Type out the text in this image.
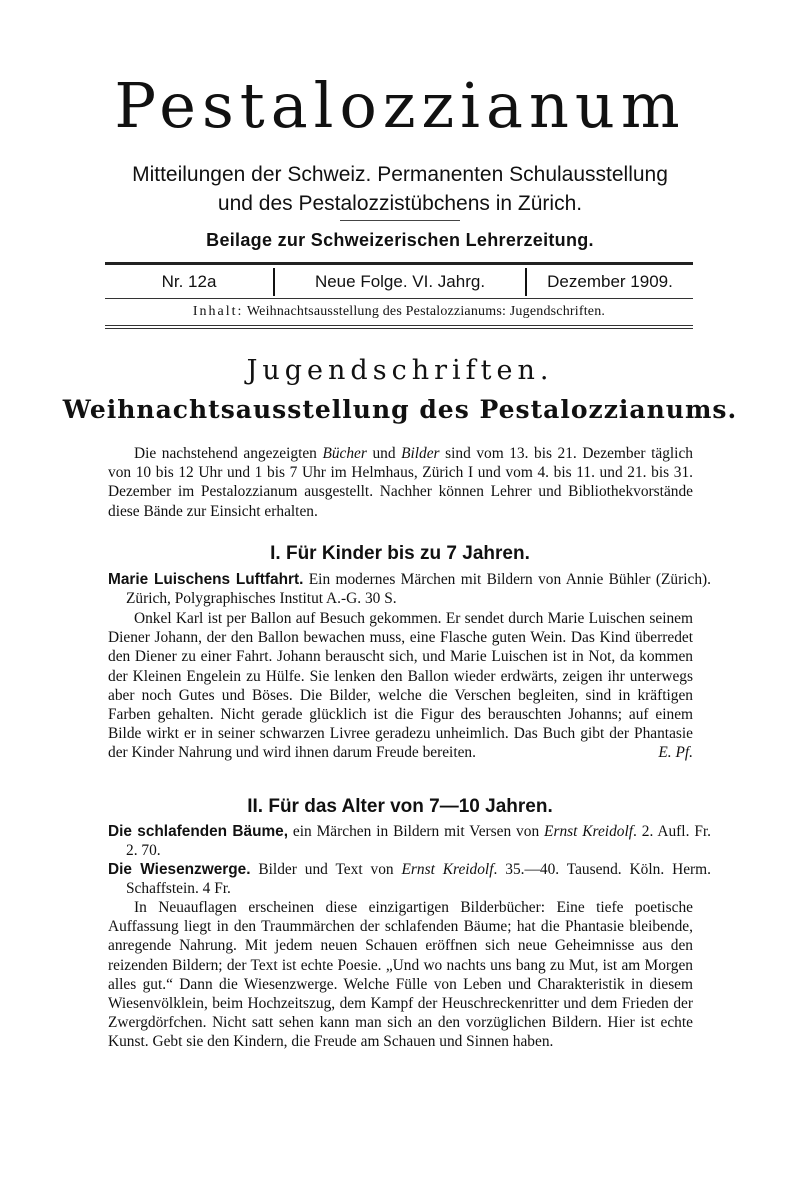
Pestalozzianum
Mitteilungen der Schweiz. Permanenten Schulausstellung
und des Pestalozzistübchens in Zürich.
Beilage zur Schweizerischen Lehrerzeitung.
Nr. 12a	Neue Folge. VI. Jahrg.	Dezember 1909.
Inhalt: Weihnachtsausstellung des Pestalozzianums: Jugendschriften.
Jugendschriften.
Weihnachtsausstellung des Pestalozzianums.
Die nachstehend angezeigten Bücher und Bilder sind vom 13. bis 21. Dezember täglich von 10 bis 12 Uhr und 1 bis 7 Uhr im Helmhaus, Zürich I und vom 4. bis 11. und 21. bis 31. Dezember im Pestalozzianum ausgestellt. Nachher können Lehrer und Bibliothekvorstände diese Bände zur Einsicht erhalten.
I. Für Kinder bis zu 7 Jahren.
Marie Luischens Luftfahrt. Ein modernes Märchen mit Bildern von Annie Bühler (Zürich). Zürich, Polygraphisches Institut A.-G. 30 S.
Onkel Karl ist per Ballon auf Besuch gekommen. Er sendet durch Marie Luischen seinem Diener Johann, der den Ballon bewachen muss, eine Flasche guten Wein. Das Kind überredet den Diener zu einer Fahrt. Johann berauscht sich, und Marie Luischen ist in Not, da kommen der Kleinen Engelein zu Hülfe. Sie lenken den Ballon wieder erdwärts, zeigen ihr unterwegs aber noch Gutes und Böses. Die Bilder, welche die Verschen begleiten, sind in kräftigen Farben gehalten. Nicht gerade glücklich ist die Figur des berauschten Johanns; auf einem Bilde wirkt er in seiner schwarzen Livree geradezu unheimlich. Das Buch gibt der Phantasie der Kinder Nahrung und wird ihnen darum Freude bereiten.	E. Pf.
II. Für das Alter von 7—10 Jahren.
Die schlafenden Bäume, ein Märchen in Bildern mit Versen von Ernst Kreidolf. 2. Aufl. Fr. 2. 70.
Die Wiesenzwerge. Bilder und Text von Ernst Kreidolf. 35.—40. Tausend. Köln. Herm. Schaffstein. 4 Fr.
In Neuauflagen erscheinen diese einzigartigen Bilderbücher: Eine tiefe poetische Auffassung liegt in den Traummärchen der schlafenden Bäume; hat die Phantasie bleibende, anregende Nahrung. Mit jedem neuen Schauen eröffnen sich neue Geheimnisse aus den reizenden Bildern; der Text ist echte Poesie. „Und wo nachts uns bang zu Mut, ist am Morgen alles gut.“ Dann die Wiesenzwerge. Welche Fülle von Leben und Charakteristik in diesem Wiesenvölklein, beim Hochzeitszug, dem Kampf der Heuschreckenritter und dem Frieden der Zwergdörfchen. Nicht satt sehen kann man sich an den vorzüglichen Bildern. Hier ist echte Kunst. Gebt sie den Kindern, die Freude am Schauen und Sinnen haben.
